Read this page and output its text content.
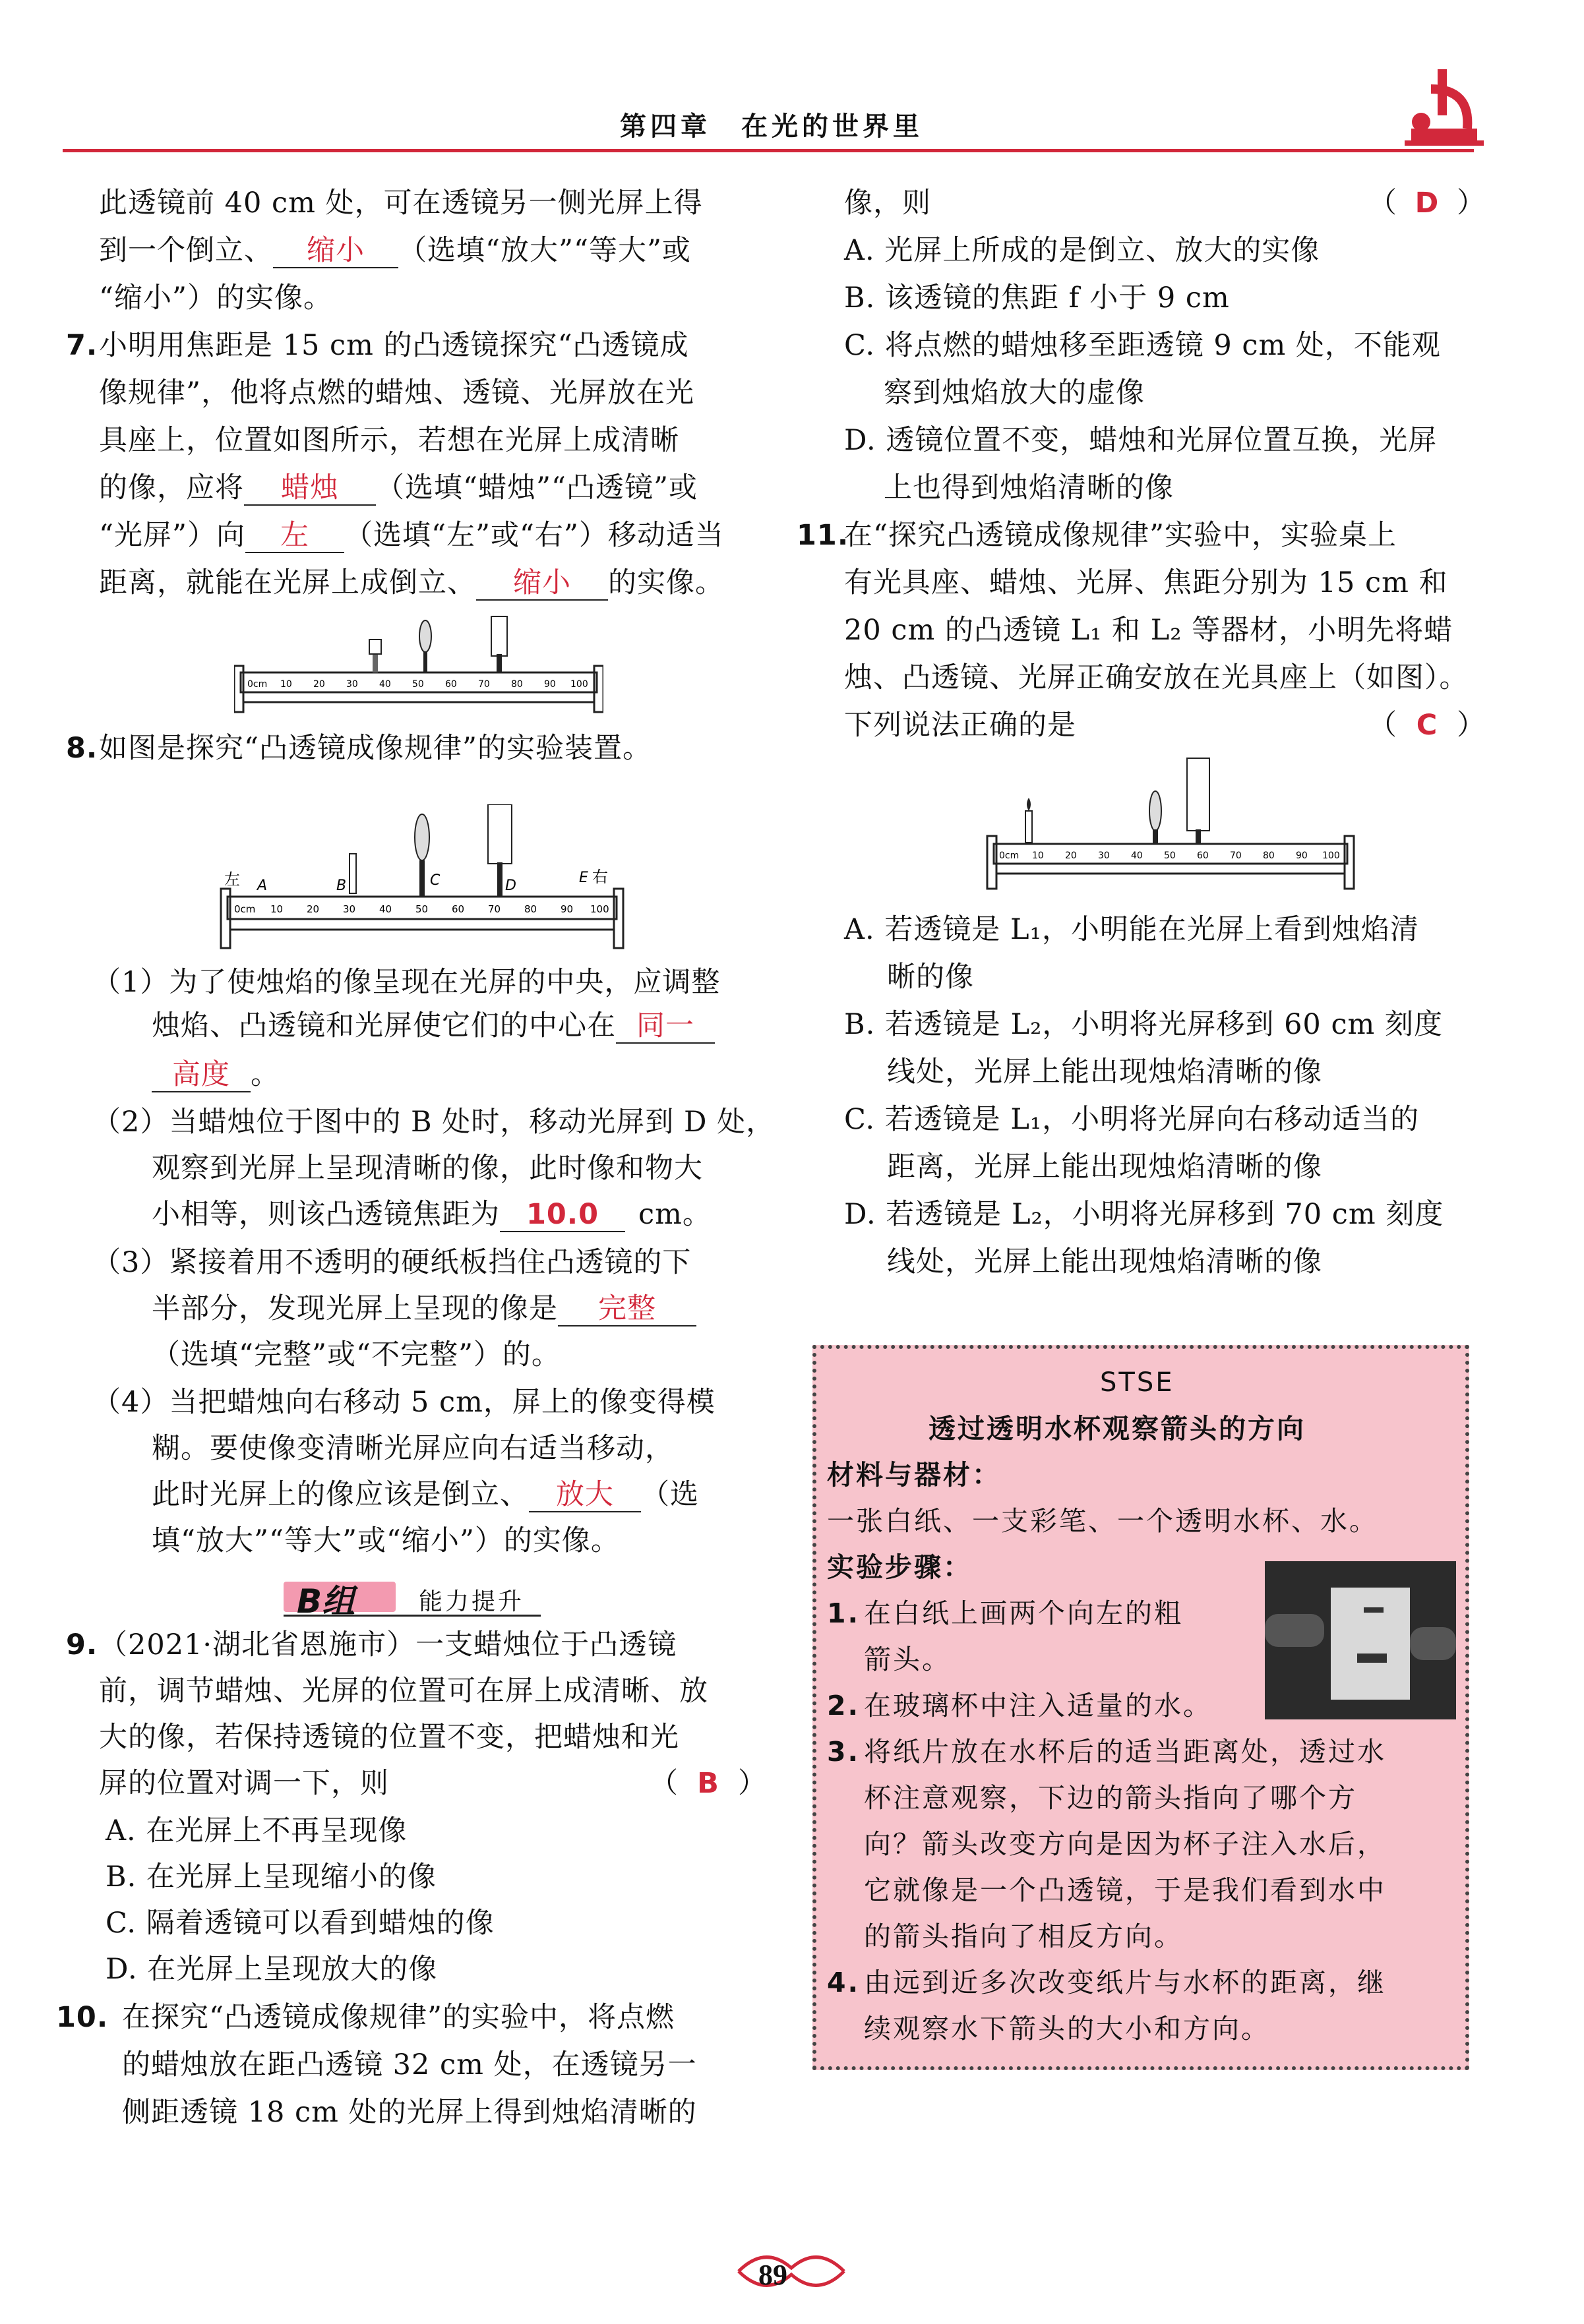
第四章　在光的世界里
此透镜前 40 cm 处，可在透镜另一侧光屏上得
到一个倒立、 缩小 （选填“放大”“等大”或
“缩小”）的实像。
7. 小明用焦距是 15 cm 的凸透镜探究“凸透镜成
像规律”，他将点燃的蜡烛、透镜、光屏放在光
具座上，位置如图所示，若想在光屏上成清晰
的像，应将 蜡烛 （选填“蜡烛”“凸透镜”或
“光屏”）向 左 （选填“左”或“右”）移动适当
距离，就能在光屏上成倒立、 缩小 的实像。
0cm 10 20 30 40 50 60 70 80 90 100
8. 如图是探究“凸透镜成像规律”的实验装置。
左 A	B	C	D	E 右
0cm 10 20 30 40 50 60 70 80 90 100
（1）为了使烛焰的像呈现在光屏的中央，应调整
烛焰、凸透镜和光屏使它们的中心在 同一
高度 。
（2）当蜡烛位于图中的 B 处时，移动光屏到 D 处，
观察到光屏上呈现清晰的像，此时像和物大
小相等，则该凸透镜焦距为 10.0 cm。
（3）紧接着用不透明的硬纸板挡住凸透镜的下
半部分，发现光屏上呈现的像是 完整
（选填“完整”或“不完整”）的。
（4）当把蜡烛向右移动 5 cm，屏上的像变得模
糊。要使像变清晰光屏应向右适当移动，
此时光屏上的像应该是倒立、 放大 （选
填“放大”“等大”或“缩小”）的实像。
B组	能力提升
9. （2021·湖北省恩施市）一支蜡烛位于凸透镜
前，调节蜡烛、光屏的位置可在屏上成清晰、放
大的像，若保持透镜的位置不变，把蜡烛和光
屏的位置对调一下，则	（ B ）
A. 在光屏上不再呈现像
B. 在光屏上呈现缩小的像
C. 隔着透镜可以看到蜡烛的像
D. 在光屏上呈现放大的像
10. 在探究“凸透镜成像规律”的实验中，将点燃
的蜡烛放在距凸透镜 32 cm 处，在透镜另一
侧距透镜 18 cm 处的光屏上得到烛焰清晰的
像，则	（ D ）
A. 光屏上所成的是倒立、放大的实像
B. 该透镜的焦距 f 小于 9 cm
C. 将点燃的蜡烛移至距透镜 9 cm 处，不能观
察到烛焰放大的虚像
D. 透镜位置不变，蜡烛和光屏位置互换，光屏
上也得到烛焰清晰的像
11.
在“探究凸透镜成像规律”实验中，实验桌上
有光具座、蜡烛、光屏、焦距分别为 15 cm 和
20 cm 的凸透镜 L₁ 和 L₂ 等器材，小明先将蜡
烛、凸透镜、光屏正确安放在光具座上（如图）。
下列说法正确的是	（ C ）
0cm 10 20 30 40 50 60 70 80 90 100
A. 若透镜是 L₁，小明能在光屏上看到烛焰清
晰的像
B. 若透镜是 L₂，小明将光屏移到 60 cm 刻度
线处，光屏上能出现烛焰清晰的像
C. 若透镜是 L₁，小明将光屏向右移动适当的
距离，光屏上能出现烛焰清晰的像
D. 若透镜是 L₂，小明将光屏移到 70 cm 刻度
线处，光屏上能出现烛焰清晰的像
STSE
透过透明水杯观察箭头的方向
材料与器材：
一张白纸、一支彩笔、一个透明水杯、水。
实验步骤：
1. 在白纸上画两个向左的粗
箭头。
2. 在玻璃杯中注入适量的水。
3. 将纸片放在水杯后的适当距离处，透过水
杯注意观察，下边的箭头指向了哪个方
向？箭头改变方向是因为杯子注入水后，
它就像是一个凸透镜，于是我们看到水中
的箭头指向了相反方向。
4. 由远到近多次改变纸片与水杯的距离，继
续观察水下箭头的大小和方向。
89
